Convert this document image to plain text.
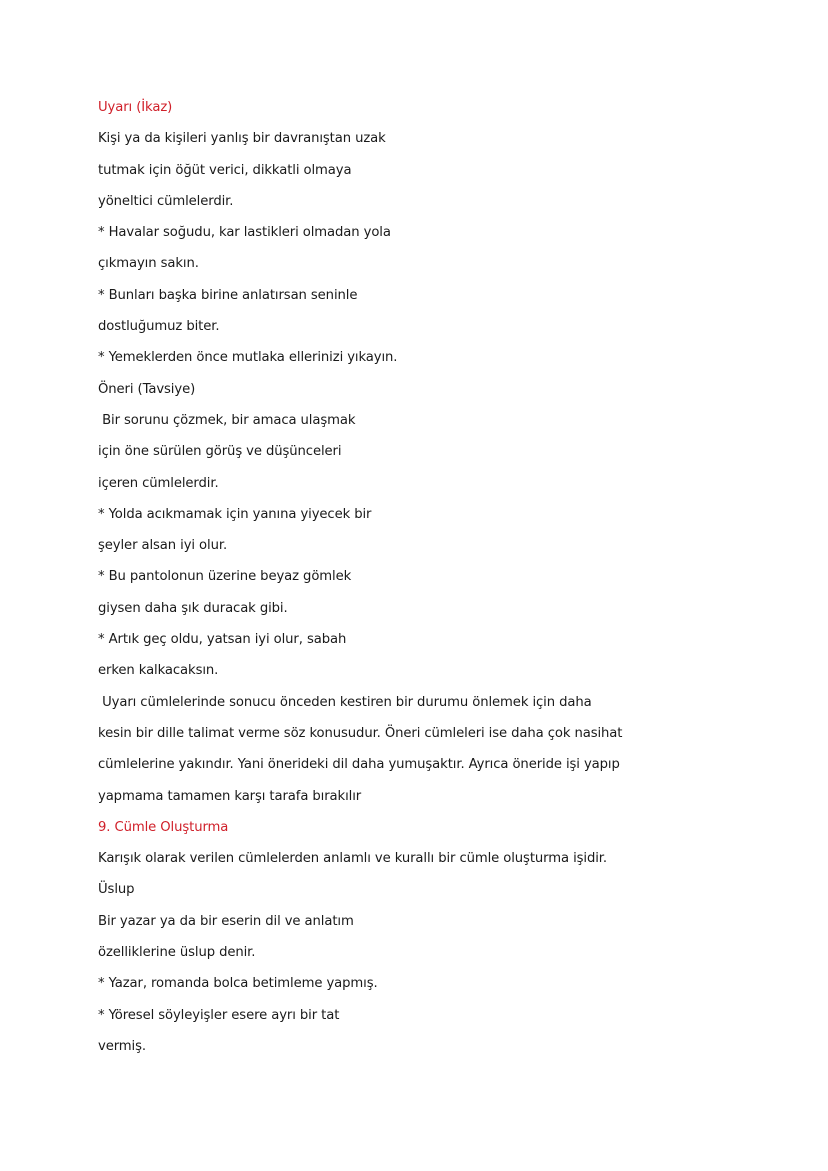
Uyarı (İkaz)
Kişi ya da kişileri yanlış bir davranıştan uzak
tutmak için öğüt verici, dikkatli olmaya
yöneltici cümlelerdir.
* Havalar soğudu, kar lastikleri olmadan yola
çıkmayın sakın.
* Bunları başka birine anlatırsan seninle
dostluğumuz biter.
* Yemeklerden önce mutlaka ellerinizi yıkayın.
Öneri (Tavsiye)
Bir sorunu çözmek, bir amaca ulaşmak
için öne sürülen görüş ve düşünceleri
içeren cümlelerdir.
* Yolda acıkmamak için yanına yiyecek bir
şeyler alsan iyi olur.
* Bu pantolonun üzerine beyaz gömlek
giysen daha şık duracak gibi.
* Artık geç oldu, yatsan iyi olur, sabah
erken kalkacaksın.
Uyarı cümlelerinde sonucu önceden kestiren bir durumu önlemek için daha
kesin bir dille talimat verme söz konusudur. Öneri cümleleri ise daha çok nasihat
cümlelerine yakındır. Yani önerideki dil daha yumuşaktır. Ayrıca öneride işi yapıp
yapmama tamamen karşı tarafa bırakılır
9. Cümle Oluşturma
Karışık olarak verilen cümlelerden anlamlı ve kurallı bir cümle oluşturma işidir.
Üslup
Bir yazar ya da bir eserin dil ve anlatım
özelliklerine üslup denir.
* Yazar, romanda bolca betimleme yapmış.
* Yöresel söyleyişler esere ayrı bir tat
vermiş.
